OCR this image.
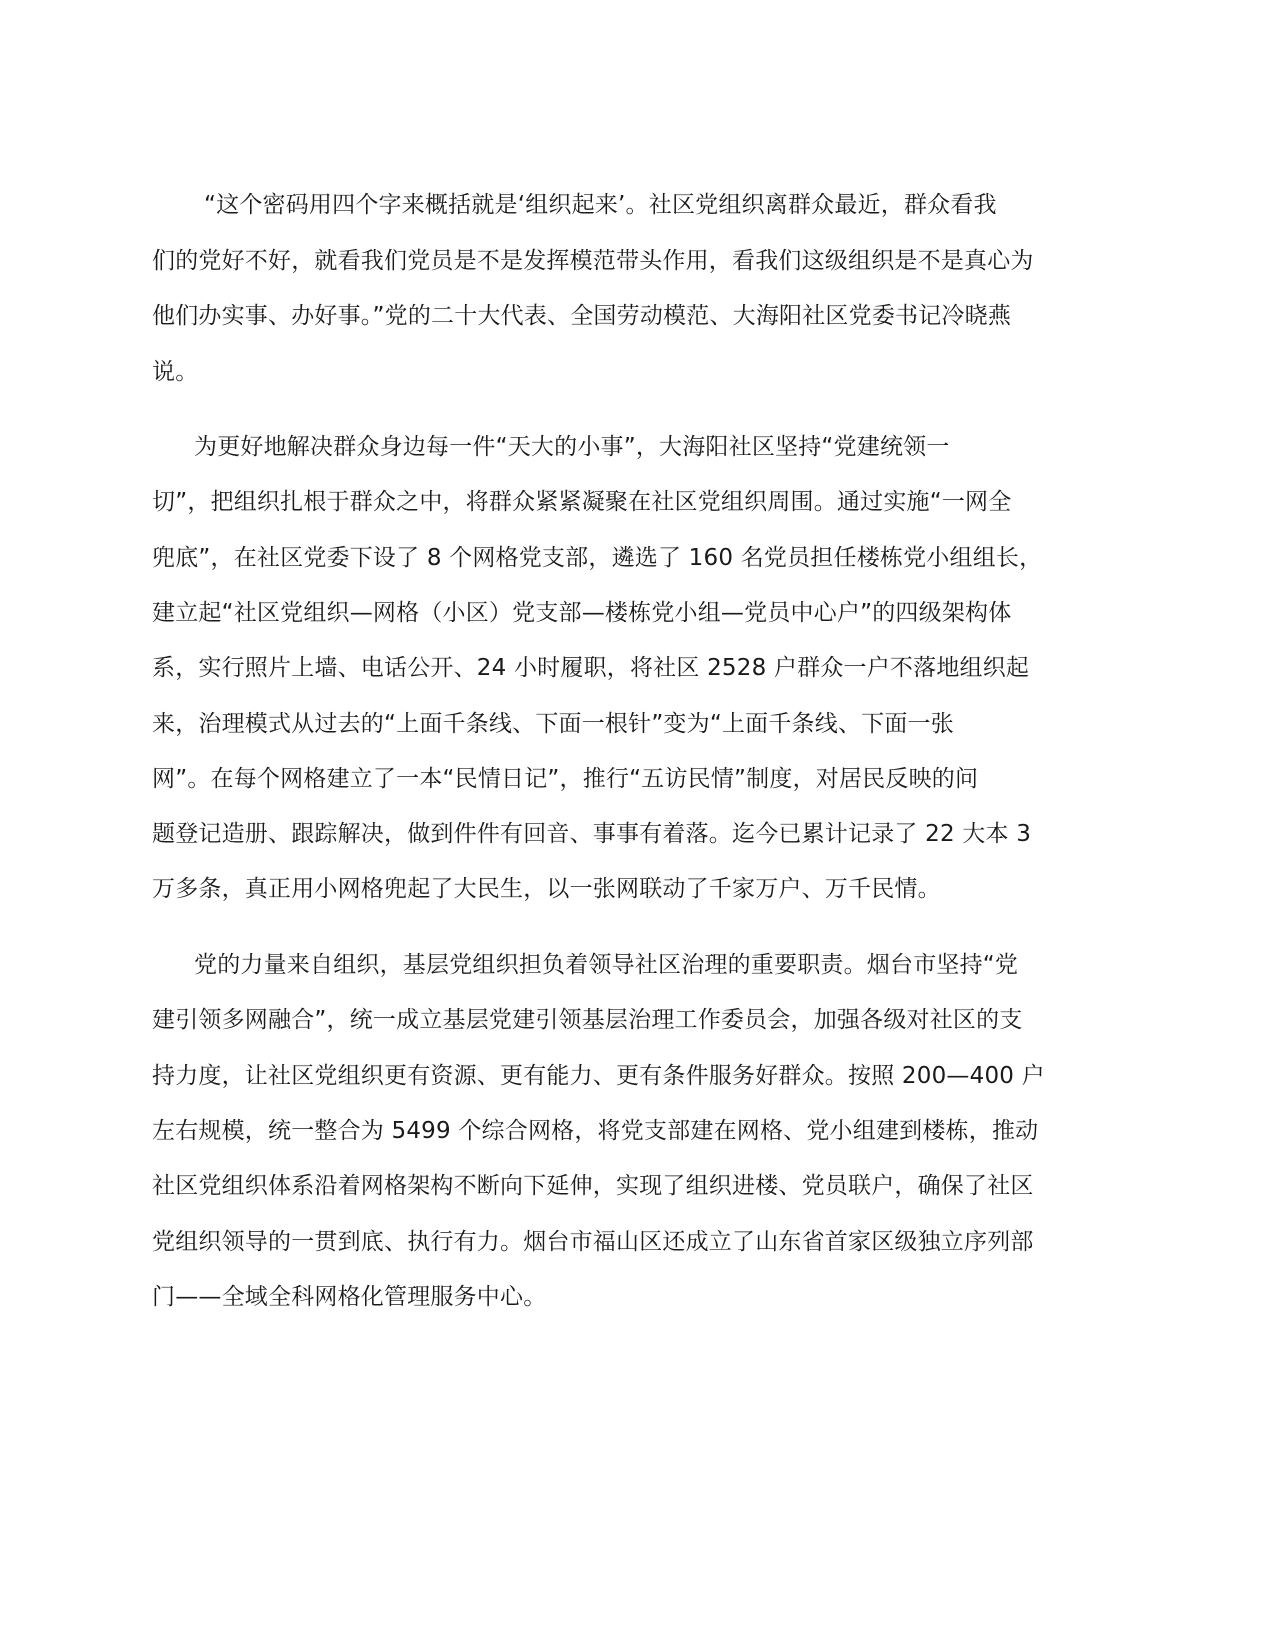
“这个密码用四个字来概括就是‘组织起来’。社区党组织离群众最近，群众看我
们的党好不好，就看我们党员是不是发挥模范带头作用，看我们这级组织是不是真心为
他们办实事、办好事。”党的二十大代表、全国劳动模范、大海阳社区党委书记冷晓燕
说。
为更好地解决群众身边每一件“天大的小事”，大海阳社区坚持“党建统领一
切”，把组织扎根于群众之中，将群众紧紧凝聚在社区党组织周围。通过实施“一网全
兜底”，在社区党委下设了 8 个网格党支部，遴选了 160 名党员担任楼栋党小组组长，
建立起“社区党组织—网格（小区）党支部—楼栋党小组—党员中心户”的四级架构体
系，实行照片上墙、电话公开、24 小时履职，将社区 2528 户群众一户不落地组织起
来，治理模式从过去的“上面千条线、下面一根针”变为“上面千条线、下面一张
网”。在每个网格建立了一本“民情日记”，推行“五访民情”制度，对居民反映的问
题登记造册、跟踪解决，做到件件有回音、事事有着落。迄今已累计记录了 22 大本 3
万多条，真正用小网格兜起了大民生，以一张网联动了千家万户、万千民情。
党的力量来自组织，基层党组织担负着领导社区治理的重要职责。烟台市坚持“党
建引领多网融合”，统一成立基层党建引领基层治理工作委员会，加强各级对社区的支
持力度，让社区党组织更有资源、更有能力、更有条件服务好群众。按照 200—400 户
左右规模，统一整合为 5499 个综合网格，将党支部建在网格、党小组建到楼栋，推动
社区党组织体系沿着网格架构不断向下延伸，实现了组织进楼、党员联户，确保了社区
党组织领导的一贯到底、执行有力。烟台市福山区还成立了山东省首家区级独立序列部
门——全域全科网格化管理服务中心。
